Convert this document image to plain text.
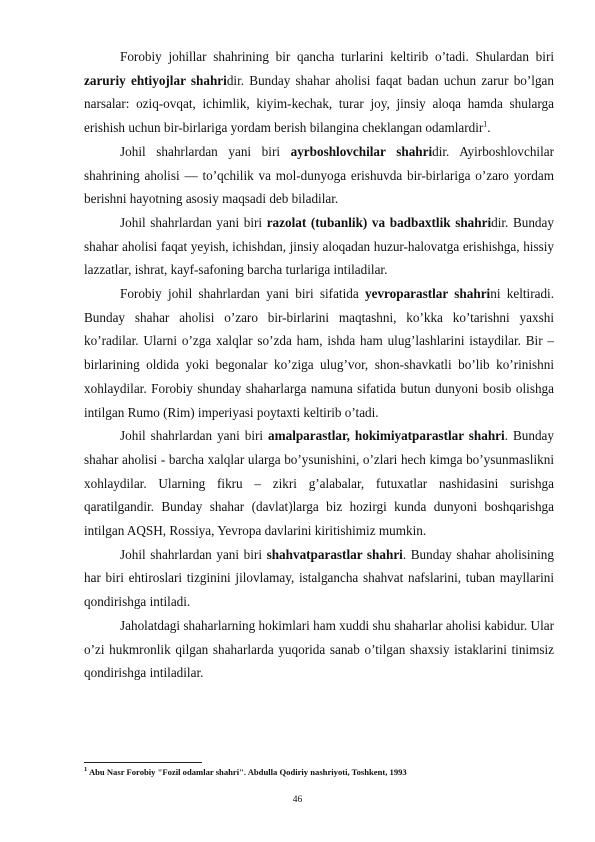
Forobiy johillar shahrining bir qancha turlarini keltirib o’tadi. Shulardan biri zaruriy ehtiyojlar shahridir. Bunday shahar aholisi faqat badan uchun zarur bo’lgan narsalar: oziq-ovqat, ichimlik, kiyim-kechak, turar joy, jinsiy aloqa hamda shularga erishish uchun bir-birlariga yordam berish bilangina cheklangan odamlardir$^1$.

Johil shahrlardan yani biri ayrboshlovchilar shahridir. Ayirboshlovchilar shahrining aholisi — to’qchilik va mol-dunyoga erishuvda bir-birlariga o’zaro yordam berishni hayotning asosiy maqsadi deb biladilar.

Johil shahrlardan yani biri razolat (tubanlik) va badbaxtlik shahridir. Bunday shahar aholisi faqat yeyish, ichishdan, jinsiy aloqadan huzur-halovatga erishishga, hissiy lazzatlar, ishrat, kayf-safoning barcha turlariga intiladilar.

Forobiy johil shahrlardan yani biri sifatida yevroparastlar shahrini keltiradi. Bunday shahar aholisi o’zaro bir-birlarini maqtashni, ko’kka ko’tarishni yaxshi ko’radilar. Ularni o’zga xalqlar so’zda ham, ishda ham ulug’lashlarini istaydilar. Bir – birlarining oldida yoki begonalar ko’ziga ulug’vor, shon-shavkatli bo’lib ko’rinishni xohlaydilar. Forobiy shunday shaharlarga namuna sifatida butun dunyoni bosib olishga intilgan Rumo (Rim) imperiyasi poytaxti keltirib o’tadi.

Johil shahrlardan yani biri amalparastlar, hokimiyatparastlar shahri. Bunday shahar aholisi - barcha xalqlar ularga bo’ysunishini, o’zlari hech kimga bo’ysunmaslikni xohlaydilar. Ularning fikru – zikri g’alabalar, futuxatlar nashidasini surishga qaratilgandir. Bunday shahar (davlat)larga biz hozirgi kunda dunyoni boshqarishga intilgan AQSH, Rossiya, Yevropa davlarini kiritishimiz mumkin.

Johil shahrlardan yani biri shahvatparastlar shahri. Bunday shahar aholisining har biri ehtiroslari tizginini jilovlamay, istalgancha shahvat nafslarini, tuban mayllarini qondirishga intiladi.

Jaholatdagi shaharlarning hokimlari ham xuddi shu shaharlar aholisi kabidur. Ular o’zi hukmronlik qilgan shaharlarda yuqorida sanab o’tilgan shaxsiy istaklarini tinimsiz qondirishga intiladilar.

$^1$ Abu Nasr Forobiy "Fozil odamlar shahri". Abdulla Qodiriy nashriyoti, Toshkent, 1993
46
